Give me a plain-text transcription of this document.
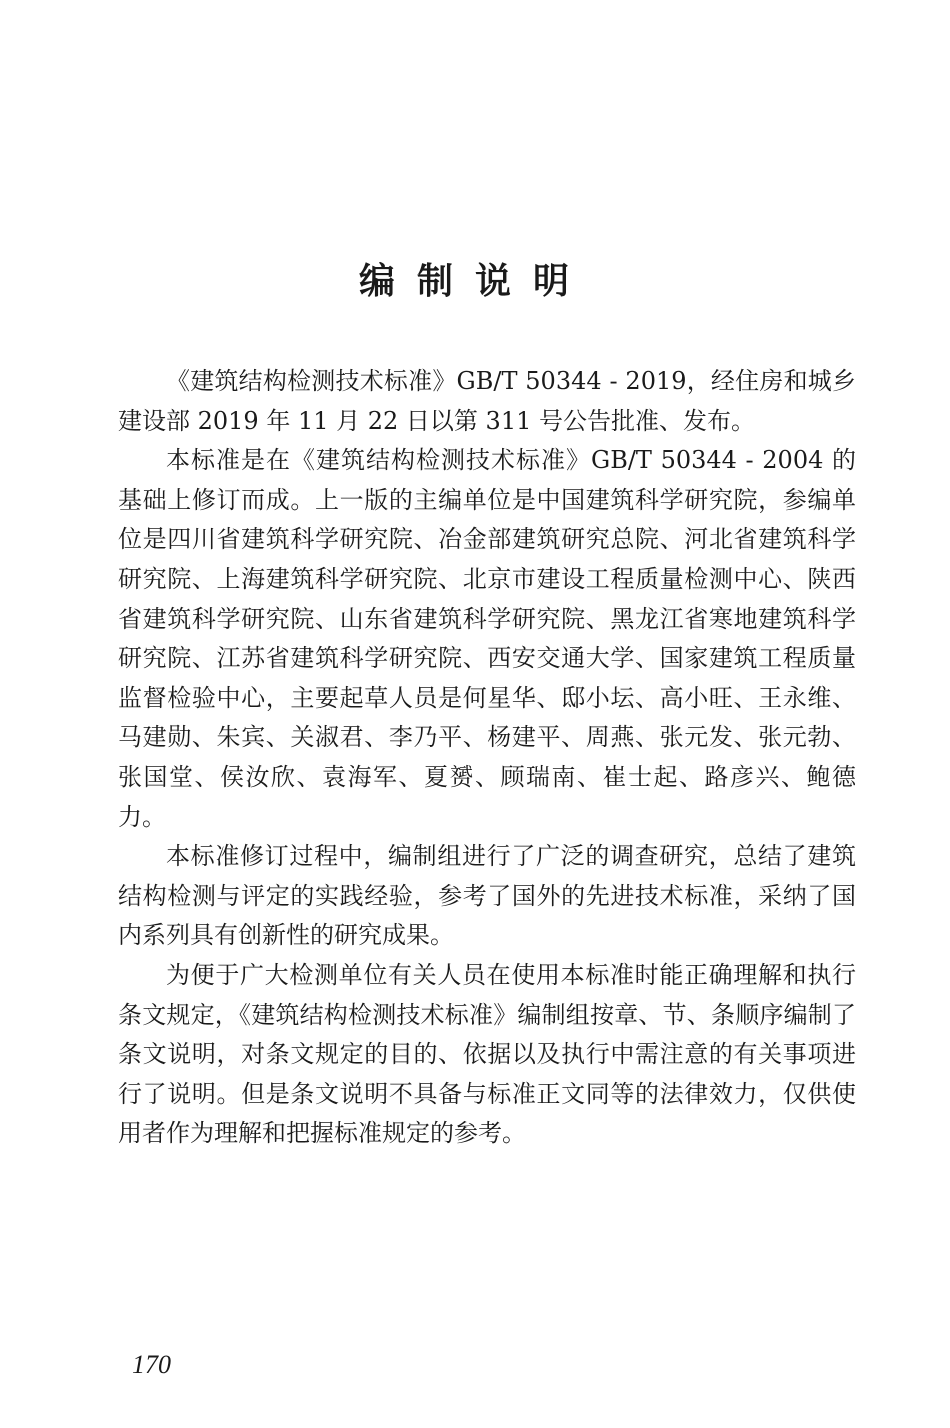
编制说明

《建筑结构检测技术标准》GB/T 50344 - 2019，经住房和城乡建设部 2019 年 11 月 22 日以第 311 号公告批准、发布。

本标准是在《建筑结构检测技术标准》GB/T 50344 - 2004 的基础上修订而成。上一版的主编单位是中国建筑科学研究院，参编单位是四川省建筑科学研究院、冶金部建筑研究总院、河北省建筑科学研究院、上海建筑科学研究院、北京市建设工程质量检测中心、陕西省建筑科学研究院、山东省建筑科学研究院、黑龙江省寒地建筑科学研究院、江苏省建筑科学研究院、西安交通大学、国家建筑工程质量监督检验中心，主要起草人员是何星华、邸小坛、高小旺、王永维、马建勋、朱宾、关淑君、李乃平、杨建平、周燕、张元发、张元勃、张国堂、侯汝欣、袁海军、夏赟、顾瑞南、崔士起、路彦兴、鲍德力。

本标准修订过程中，编制组进行了广泛的调查研究，总结了建筑结构检测与评定的实践经验，参考了国外的先进技术标准，采纳了国内系列具有创新性的研究成果。

为便于广大检测单位有关人员在使用本标准时能正确理解和执行条文规定，《建筑结构检测技术标准》编制组按章、节、条顺序编制了条文说明，对条文规定的目的、依据以及执行中需注意的有关事项进行了说明。但是条文说明不具备与标准正文同等的法律效力，仅供使用者作为理解和把握标准规定的参考。

170
